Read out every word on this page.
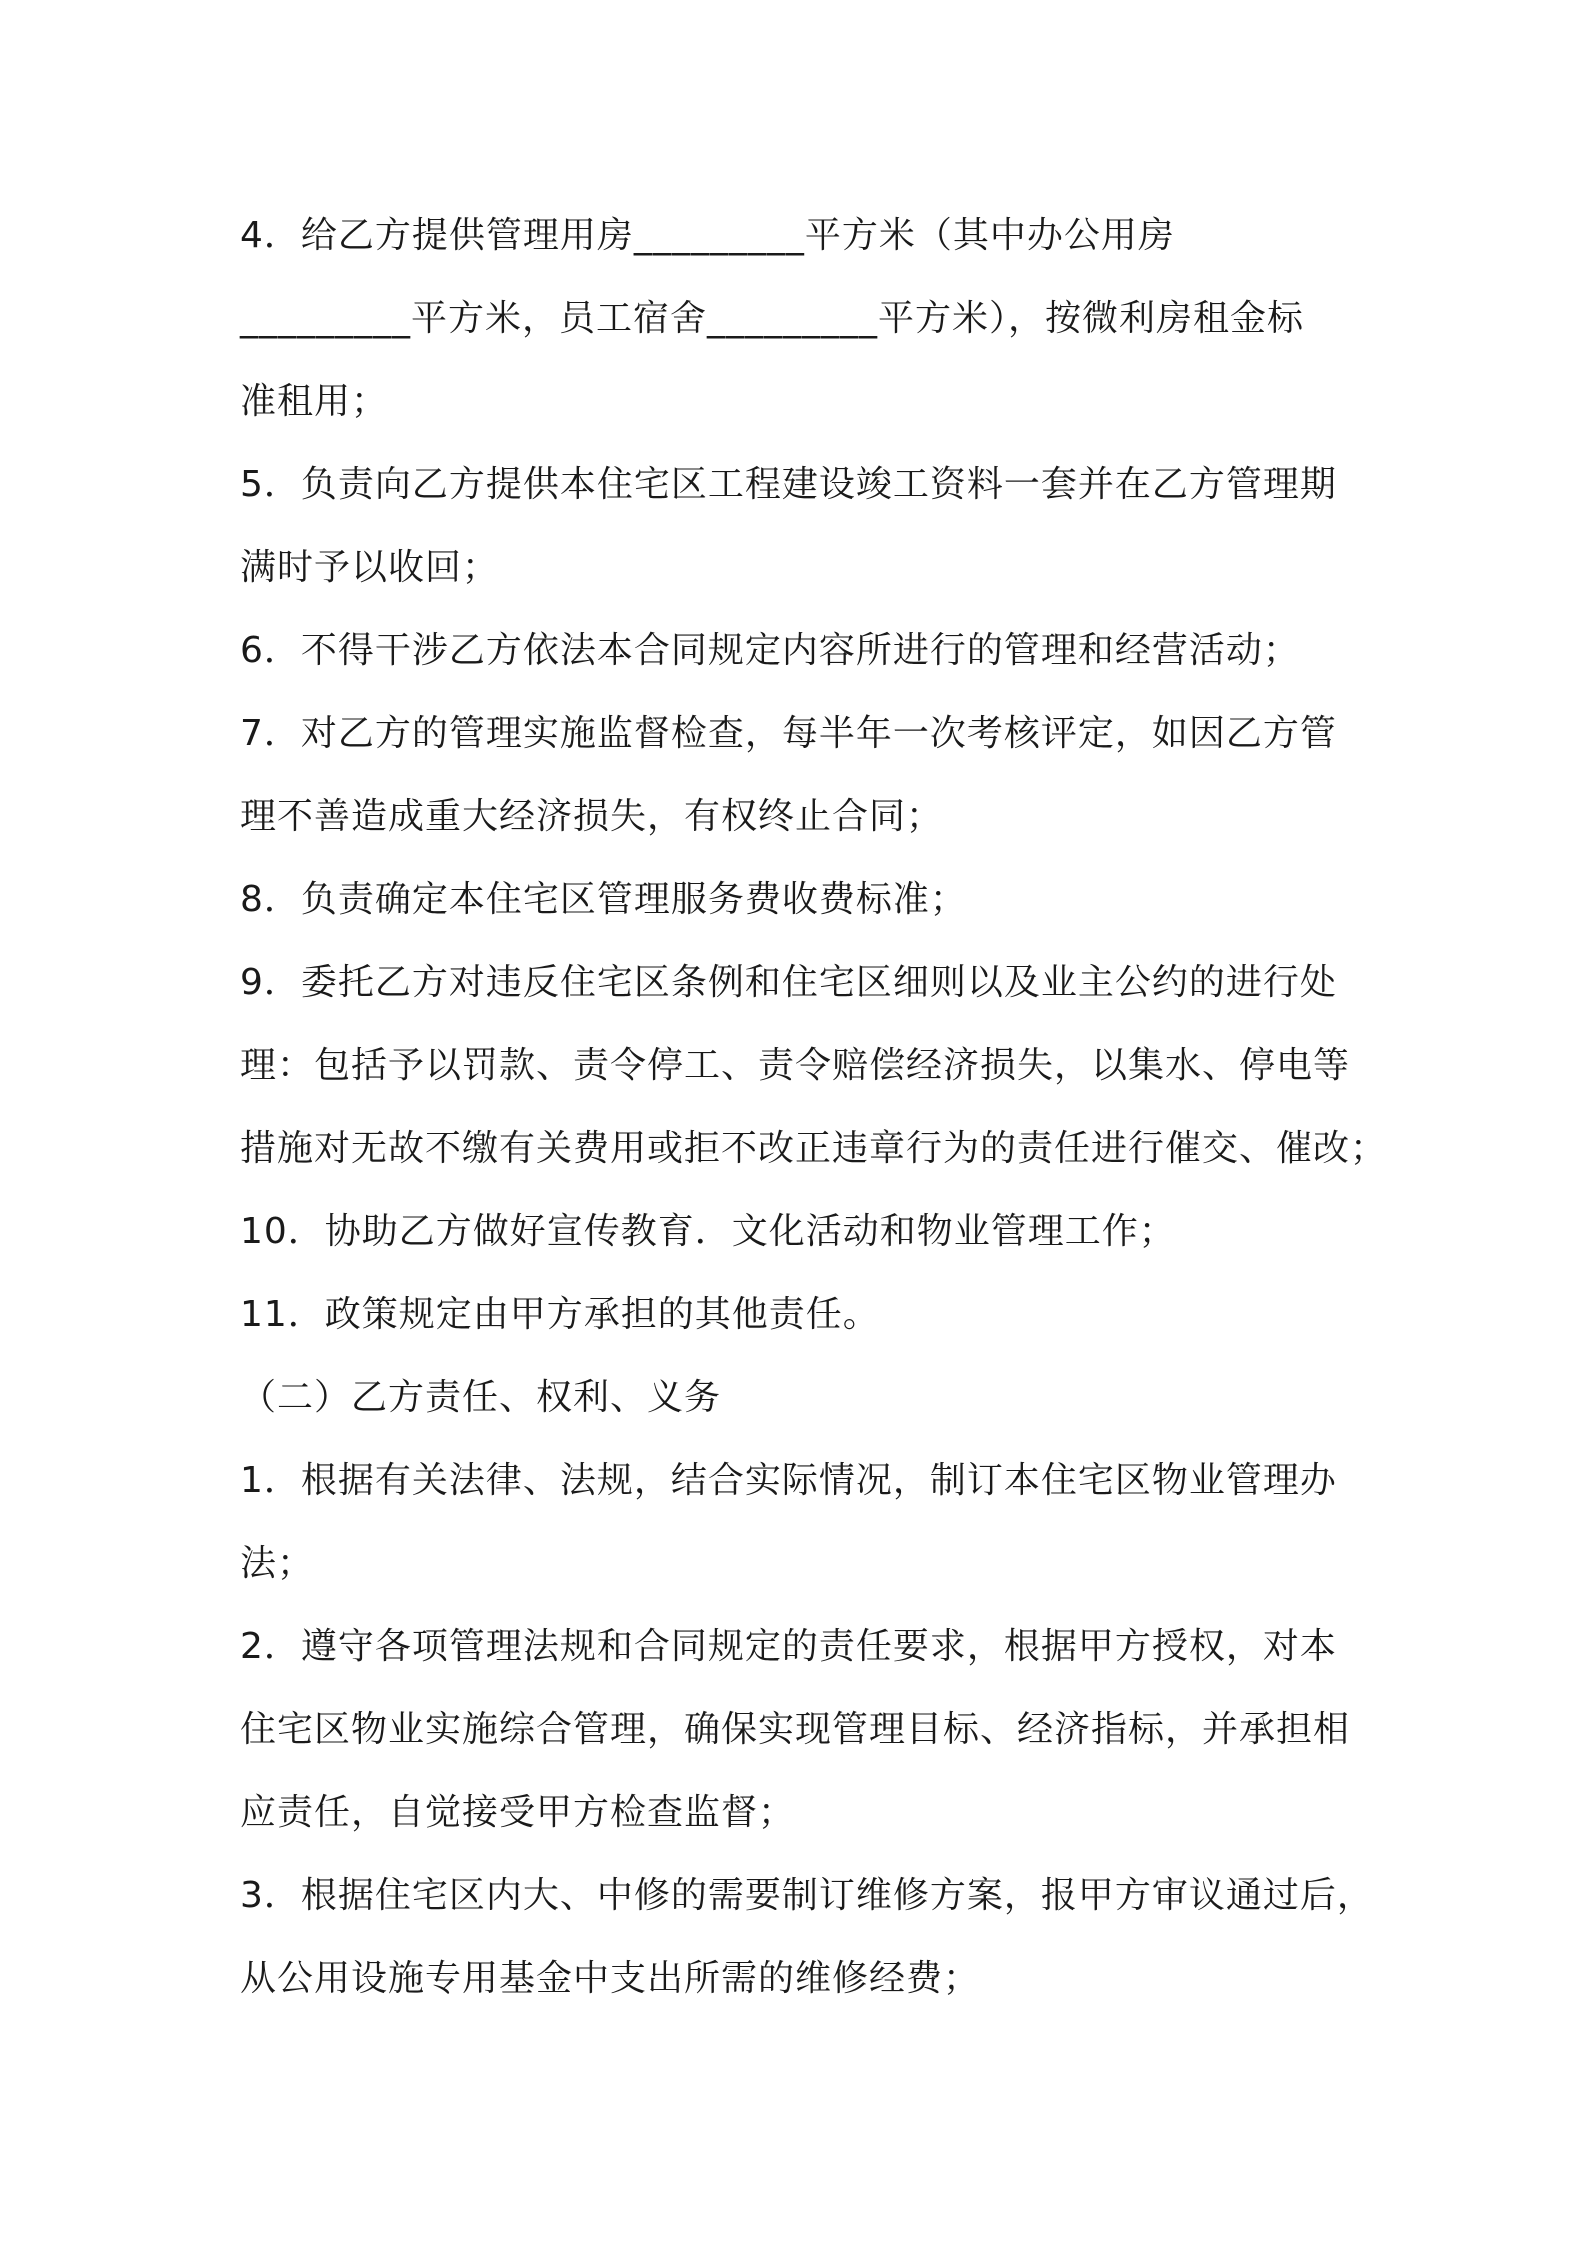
4．给乙方提供管理用房_________平方米（其中办公用房
_________平方米，员工宿舍_________平方米），按微利房租金标
准租用；
5．负责向乙方提供本住宅区工程建设竣工资料一套并在乙方管理期
满时予以收回；
6．不得干涉乙方依法本合同规定内容所进行的管理和经营活动；
7．对乙方的管理实施监督检查，每半年一次考核评定，如因乙方管
理不善造成重大经济损失，有权终止合同；
8．负责确定本住宅区管理服务费收费标准；
9．委托乙方对违反住宅区条例和住宅区细则以及业主公约的进行处
理：包括予以罚款、责令停工、责令赔偿经济损失，以集水、停电等
措施对无故不缴有关费用或拒不改正违章行为的责任进行催交、催改；
10．协助乙方做好宣传教育．文化活动和物业管理工作；
11．政策规定由甲方承担的其他责任。
（二）乙方责任、权利、义务
1．根据有关法律、法规，结合实际情况，制订本住宅区物业管理办
法；
2．遵守各项管理法规和合同规定的责任要求，根据甲方授权，对本
住宅区物业实施综合管理，确保实现管理目标、经济指标，并承担相
应责任，自觉接受甲方检查监督；
3．根据住宅区内大、中修的需要制订维修方案，报甲方审议通过后，
从公用设施专用基金中支出所需的维修经费；
